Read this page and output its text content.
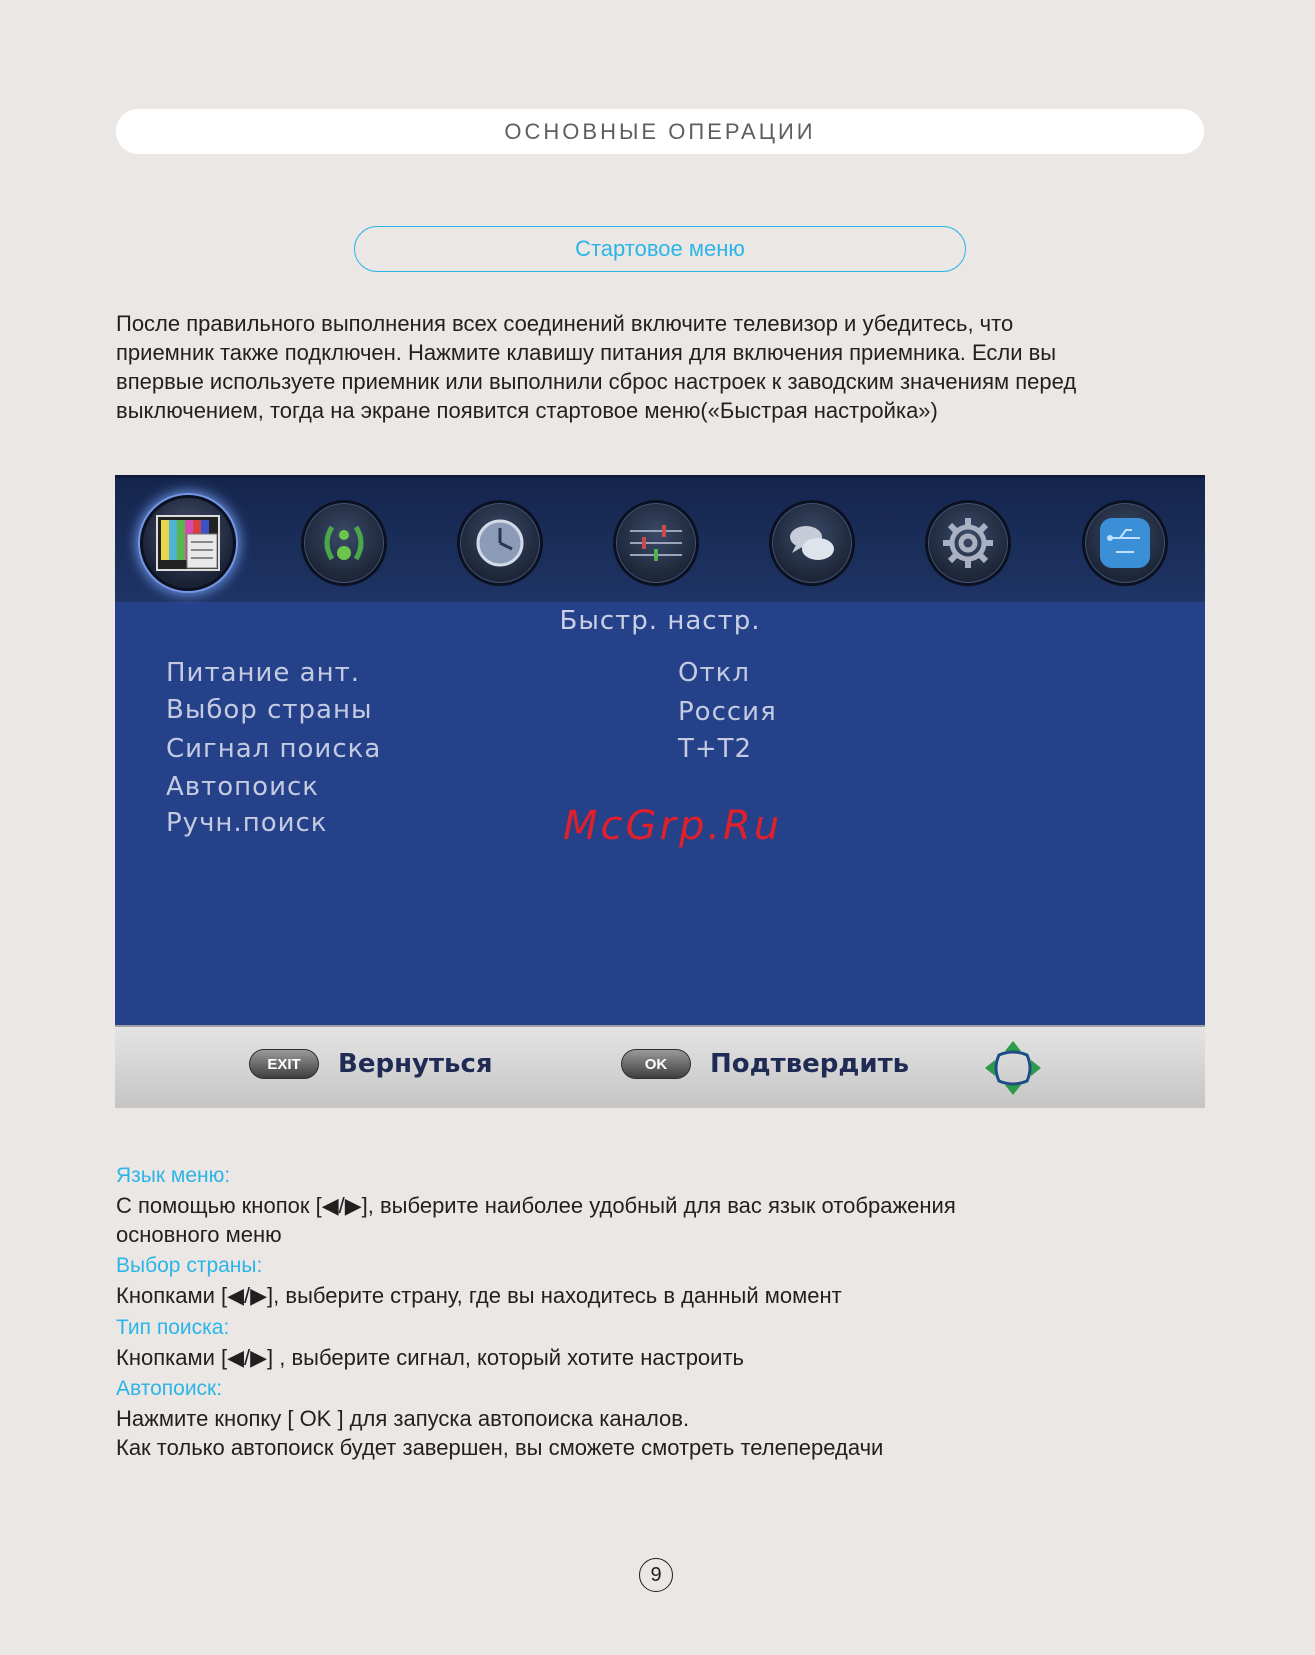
ОСНОВНЫЕ ОПЕРАЦИИ
Стартовое меню
После правильного выполнения всех соединений включите телевизор и убедитесь, что
приемник также подключен. Нажмите клавишу питания для включения приемника. Если вы
впервые используете приемник или выполнили сброс настроек к заводским значениям перед
выключением, тогда на экране появится стартовое меню(«Быстрая настройка»)
Быстр. настр.
Питание ант.	Откл
Выбор страны	Россия
Сигнал поиска	T+T2
Автопоиск
Ручн.поиск	McGrp.Ru
EXIT	Вернуться	OK	Подтвердить
Язык меню:
С помощью кнопок [◀/▶], выберите наиболее удобный для вас язык отображения
основного меню
Выбор страны:
Кнопками [◀/▶], выберите страну, где вы находитесь в данный момент
Тип поиска:
Кнопками [◀/▶] , выберите сигнал, который хотите настроить
Автопоиск:
Нажмите кнопку [ OK ] для запуска автопоиска каналов.
Как только автопоиск будет завершен, вы сможете смотреть телепередачи
9
